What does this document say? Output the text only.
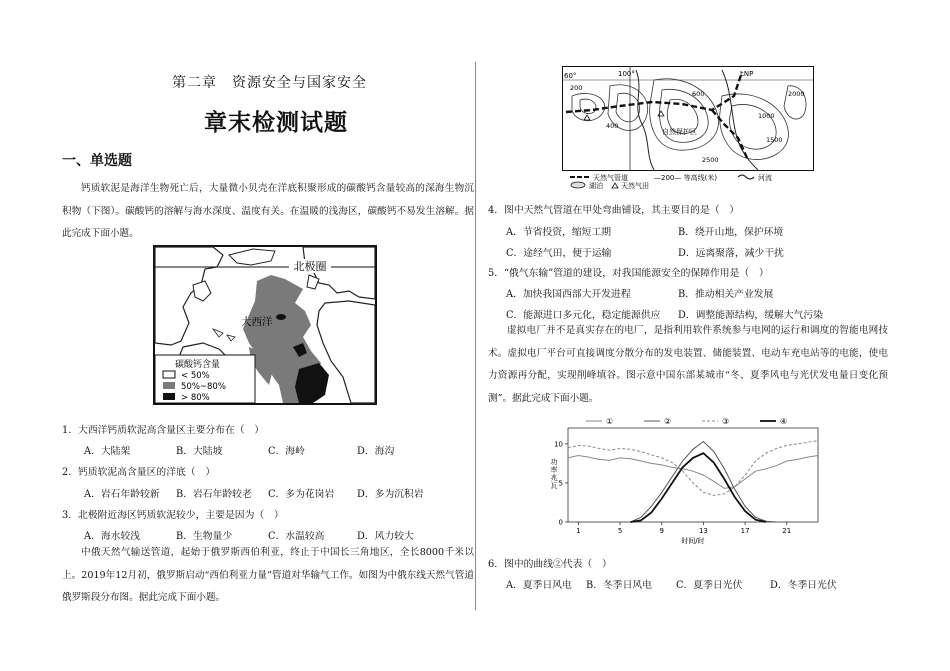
第二章　资源安全与国家安全
章末检测试题
一、单选题
钙质软泥是海洋生物死亡后，大量微小贝壳在洋底积聚形成的碳酸钙含量较高的深海生物沉积物（下图）。碳酸钙的溶解与海水深度、温度有关。在温暖的浅海区，碳酸钙不易发生溶解。据此完成下面小题。
北极圈
大西洋
碳酸钙含量
< 50%
50%~80%
> 80%
1．大西洋钙质软泥高含量区主要分布在（　）
A．大陆架	B．大陆坡	C．海岭	D．海沟
2．钙质软泥高含量区的洋底（　）
A．岩石年龄较新 B．岩石年龄较老 C．多为花岗岩 D．多为沉积岩
3．北极附近海区钙质软泥较少，主要是因为（　）
A．海水较浅	B．生物量少	C．水温较高	D．风力较大
中俄天然气输送管道，起始于俄罗斯西伯利亚，终止于中国长三角地区，全长8000千米以上。2019年12月初，俄罗斯启动“西伯利亚力量”管道对华输气工作。如图为中俄东线天然气管道俄罗斯段分布图。据此完成下面小题。
60°	100°	LNP
自然保护区
200
400
600
1000
1500
2000
2500
天然气管道	—200— 等高线(米)	河流
湖泊	天然气田
4．图中天然气管道在甲处弯曲铺设，其主要目的是（　）
A．节省投资，缩短工期	B．绕开山地，保护环境
C．途经气田，便于运输	D．远离聚落，减少干扰
5．“俄气东输”管道的建设，对我国能源安全的保障作用是（　）
A．加快我国西部大开发进程	B．推动相关产业发展
C．能源进口多元化，稳定能源供应 D．调整能源结构，缓解大气污染
虚拟电厂并不是真实存在的电厂，是指利用软件系统参与电网的运行和调度的智能电网技术。虚拟电厂平台可直接调度分散分布的发电装置、储能装置、电动车充电站等的电能，使电力资源再分配，实现削峰填谷。图示意中国东部某城市“冬、夏季风电与光伏发电量日变化预测”。据此完成下面小题。
0
5
10
1	5	9	13	17	21
功率兆瓦
①	②	③	④
时间/时
6．图中的曲线②代表（　）
A．夏季日风电 B．冬季日风电 C．夏季日光伏	D．冬季日光伏
